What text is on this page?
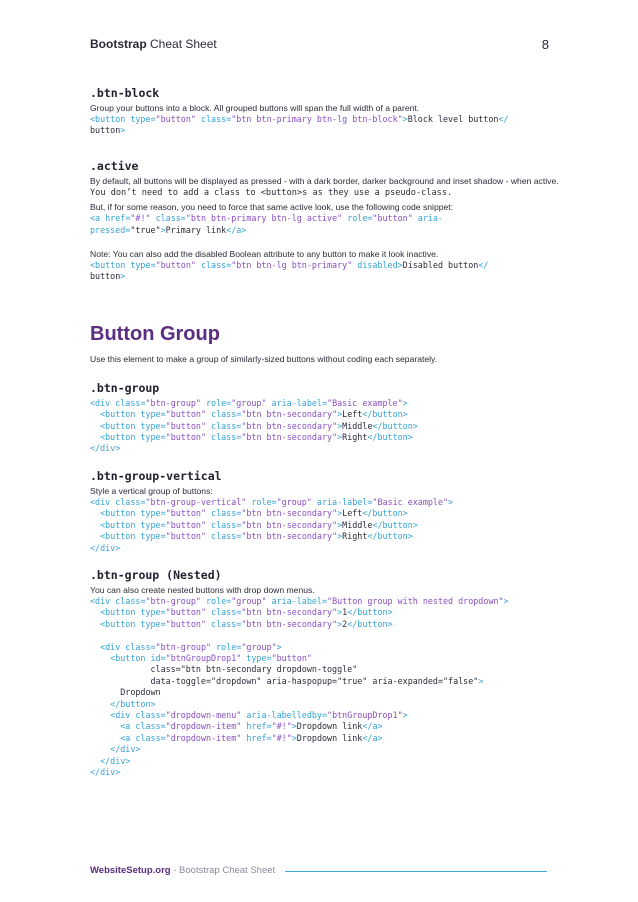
Bootstrap Cheat Sheet	8
.btn-block

Group your buttons into a block. All grouped buttons will span the full width of a parent.

<button type="button" class="btn btn-primary btn-lg btn-block">Block level button</
button>
.active

By default, all buttons will be displayed as pressed - with a dark border, darker background and inset shadow - when active.

You don’t need to add a class to <button>s as they use a pseudo-class.

But, if for some reason, you need to force that same active look, use the following code snippet:

<a href="#!" class="btn btn-primary btn-lg active" role="button" aria-
pressed="true">Primary link</a>

Note: You can also add the disabled Boolean attribute to any button to make it look inactive.

<button type="button" class="btn btn-lg btn-primary" disabled>Disabled button</
button>
Button Group

Use this element to make a group of similarly-sized buttons without coding each separately.

.btn-group
<div class="btn-group" role="group" aria-label="Basic example">
<button type="button" class="btn btn-secondary">Left</button>
<button type="button" class="btn btn-secondary">Middle</button>
<button type="button" class="btn btn-secondary">Right</button>
</div>
.btn-group-vertical

Style a vertical group of buttons:

<div class="btn-group-vertical" role="group" aria-label="Basic example">
<button type="button" class="btn btn-secondary">Left</button>
<button type="button" class="btn btn-secondary">Middle</button>
<button type="button" class="btn btn-secondary">Right</button>
</div>
.btn-group (Nested)

You can also create nested buttons with drop down menus.

<div class="btn-group" role="group" aria-label="Button group with nested dropdown">
<button type="button" class="btn btn-secondary">1</button>
<button type="button" class="btn btn-secondary">2</button>

<div class="btn-group" role="group">
<button id="btnGroupDrop1" type="button"
class="btn btn-secondary dropdown-toggle"
data-toggle="dropdown" aria-haspopup="true" aria-expanded="false">
Dropdown
</button>
<div class="dropdown-menu" aria-labelledby="btnGroupDrop1">
<a class="dropdown-item" href="#!">Dropdown link</a>
<a class="dropdown-item" href="#!">Dropdown link</a>
</div>
</div>
</div>
WebsiteSetup.org - Bootstrap Cheat Sheet
